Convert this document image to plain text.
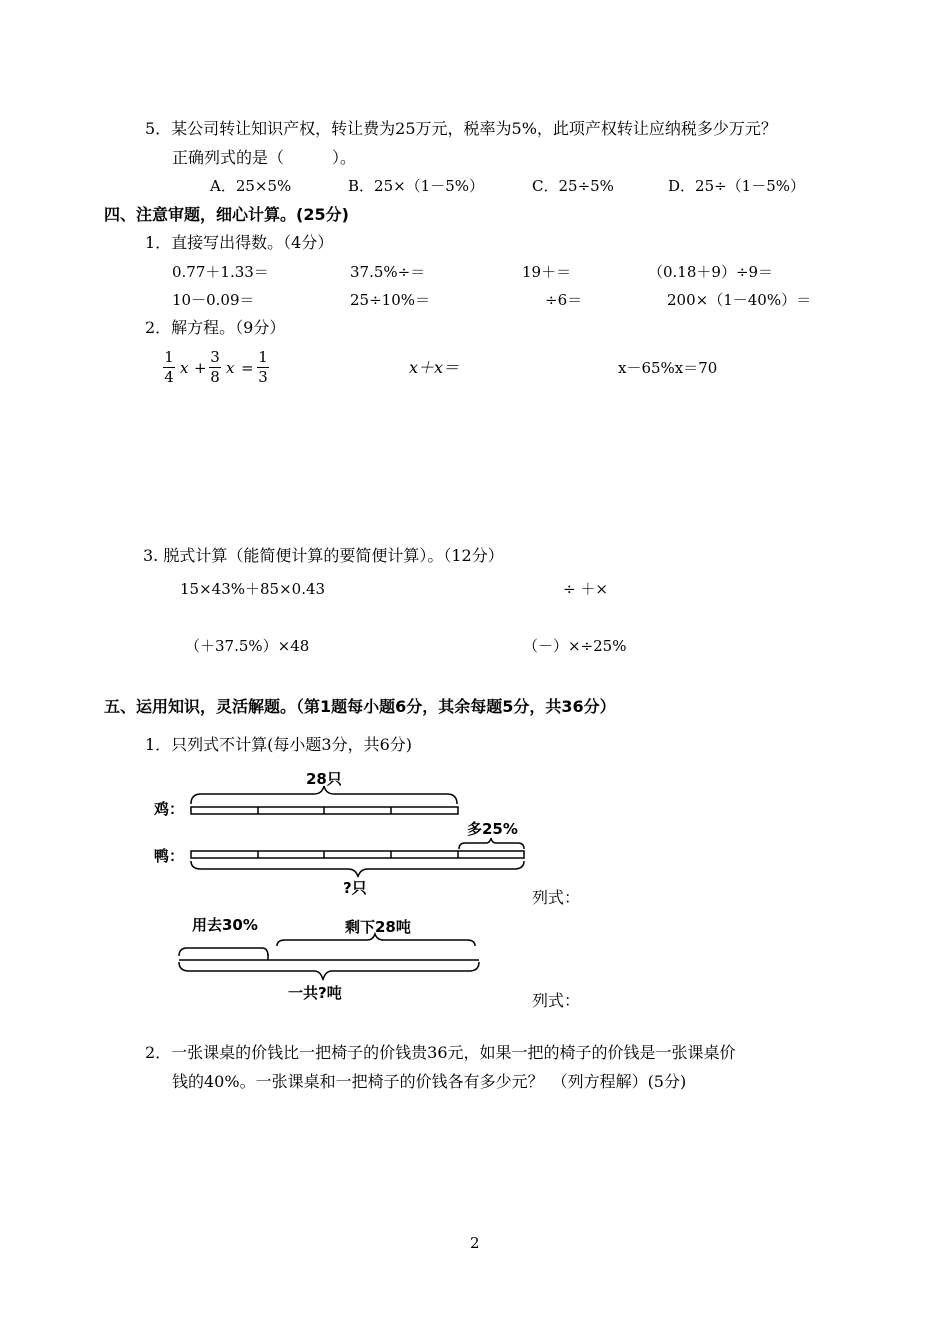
5．某公司转让知识产权，转让费为25万元，税率为5%，此项产权转让应纳税多少万元？
正确列式的是（　　　）。
A．25×5%	B．25×（1－5%）	C．25÷5%	D．25÷（1－5%）
四、注意审题，细心计算。(25分)
1．直接写出得数。（4分）
0.77＋1.33＝	37.5%÷＝	19＋＝	（0.18＋9）÷9＝
10－0.09＝	25÷10%＝	÷6＝	200×（1－40%）＝
2．解方程。（9分）
1
4 x +
3
8 x =
1
3	x＋x＝	x－65%x＝70
3. 脱式计算（能简便计算的要简便计算）。（12分）
15×43%＋85×0.43	÷ ＋×
（＋37.5%）×48	（－）×÷25%
五、运用知识，灵活解题。（第1题每小题6分，其余每题5分，共36分）
1．只列式不计算(每小题3分，共6分)
28只
鸡：
鸭：
多25%
?只	列式：
用去30%	剩下28吨
一共?吨	列式：
2．一张课桌的价钱比一把椅子的价钱贵36元，如果一把的椅子的价钱是一张课桌价
钱的40%。一张课桌和一把椅子的价钱各有多少元？　（列方程解）(5分)
2
